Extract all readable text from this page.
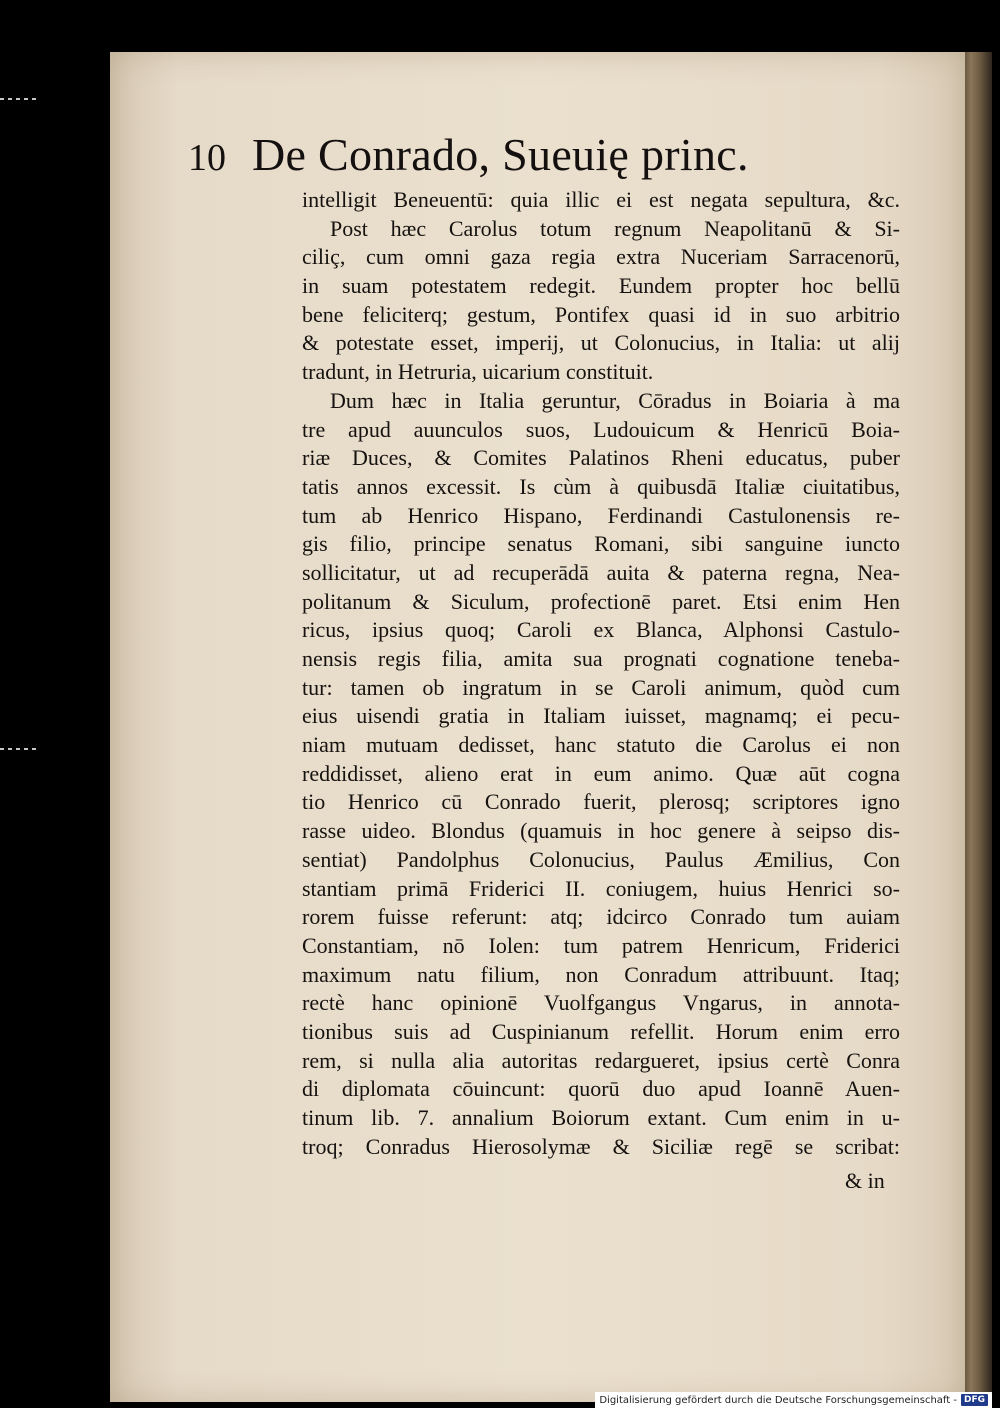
10 De Conrado, Sueuię princ.
intelligit Beneuentū: quia illic ei est negata sepultura, &c.
Post hæc Carolus totum regnum Neapolitanū & Si-
ciliç, cum omni gaza regia extra Nuceriam Sarracenorū,
in suam potestatem redegit. Eundem propter hoc bellū
bene feliciterq; gestum, Pontifex quasi id in suo arbitrio
& potestate esset, imperij, ut Colonucius, in Italia: ut alij
tradunt, in Hetruria, uicarium constituit.
Dum hæc in Italia geruntur, Cōradus in Boiaria à ma
tre apud auunculos suos, Ludouicum & Henricū Boia-
riæ Duces, & Comites Palatinos Rheni educatus, puber
tatis annos excessit. Is cùm à quibusdā Italiæ ciuitatibus,
tum ab Henrico Hispano, Ferdinandi Castulonensis re-
gis filio, principe senatus Romani, sibi sanguine iuncto
sollicitatur, ut ad recuperādā auita & paterna regna, Nea-
politanum & Siculum, profectionē paret. Etsi enim Hen
ricus, ipsius quoq; Caroli ex Blanca, Alphonsi Castulo-
nensis regis filia, amita sua prognati cognatione teneba-
tur: tamen ob ingratum in se Caroli animum, quòd cum
eius uisendi gratia in Italiam iuisset, magnamq; ei pecu-
niam mutuam dedisset, hanc statuto die Carolus ei non
reddidisset, alieno erat in eum animo. Quæ aūt cogna
tio Henrico cū Conrado fuerit, plerosq; scriptores igno
rasse uideo. Blondus (quamuis in hoc genere à seipso dis-
sentiat) Pandolphus Colonucius, Paulus Æmilius, Con
stantiam primā Friderici II. coniugem, huius Henrici so-
rorem fuisse referunt: atq; idcirco Conrado tum auiam
Constantiam, nō Iolen: tum patrem Henricum, Friderici
maximum natu filium, non Conradum attribuunt. Itaq;
rectè hanc opinionē Vuolfgangus Vngarus, in annota-
tionibus suis ad Cuspinianum refellit. Horum enim erro
rem, si nulla alia autoritas redargueret, ipsius certè Conra
di diplomata cōuincunt: quorū duo apud Ioannē Auen-
tinum lib. 7. annalium Boiorum extant. Cum enim in u-
troq; Conradus Hierosolymæ & Siciliæ regē se scribat:
& in
Digitalisierung gefördert durch die Deutsche Forschungsgemeinschaft - DFG
